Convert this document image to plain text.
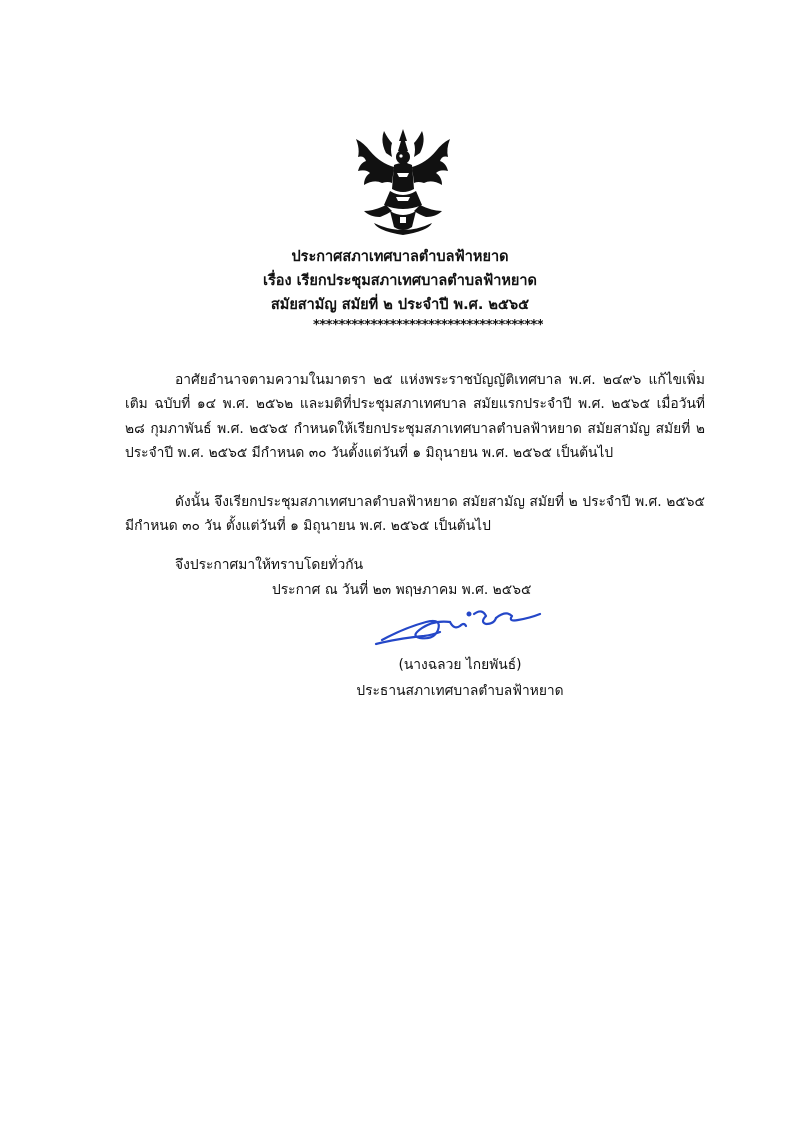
ประกาศสภาเทศบาลตำบลฟ้าหยาด
เรื่อง เรียกประชุมสภาเทศบาลตำบลฟ้าหยาด
สมัยสามัญ สมัยที่ ๒ ประจำปี พ.ศ. ๒๕๖๕
************************************

อาศัยอำนาจตามความในมาตรา ๒๕ แห่งพระราชบัญญัติเทศบาล พ.ศ. ๒๔๙๖ แก้ไขเพิ่มเติม ฉบับที่ ๑๔ พ.ศ. ๒๕๖๒ และมติที่ประชุมสภาเทศบาล สมัยแรกประจำปี พ.ศ. ๒๕๖๕ เมื่อวันที่ ๒๘ กุมภาพันธ์ พ.ศ. ๒๕๖๕ กำหนดให้เรียกประชุมสภาเทศบาลตำบลฟ้าหยาด สมัยสามัญ สมัยที่ ๒ ประจำปี พ.ศ. ๒๕๖๕ มีกำหนด ๓๐ วันตั้งแต่วันที่ ๑ มิถุนายน พ.ศ. ๒๕๖๕ เป็นต้นไป

ดังนั้น จึงเรียกประชุมสภาเทศบาลตำบลฟ้าหยาด สมัยสามัญ สมัยที่ ๒ ประจำปี พ.ศ. ๒๕๖๕ มีกำหนด ๓๐ วัน ตั้งแต่วันที่ ๑ มิถุนายน พ.ศ. ๒๕๖๕ เป็นต้นไป

จึงประกาศมาให้ทราบโดยทั่วกัน

ประกาศ ณ วันที่ ๒๓ พฤษภาคม พ.ศ. ๒๕๖๕
(นางฉลวย ไกยพันธ์)
ประธานสภาเทศบาลตำบลฟ้าหยาด
